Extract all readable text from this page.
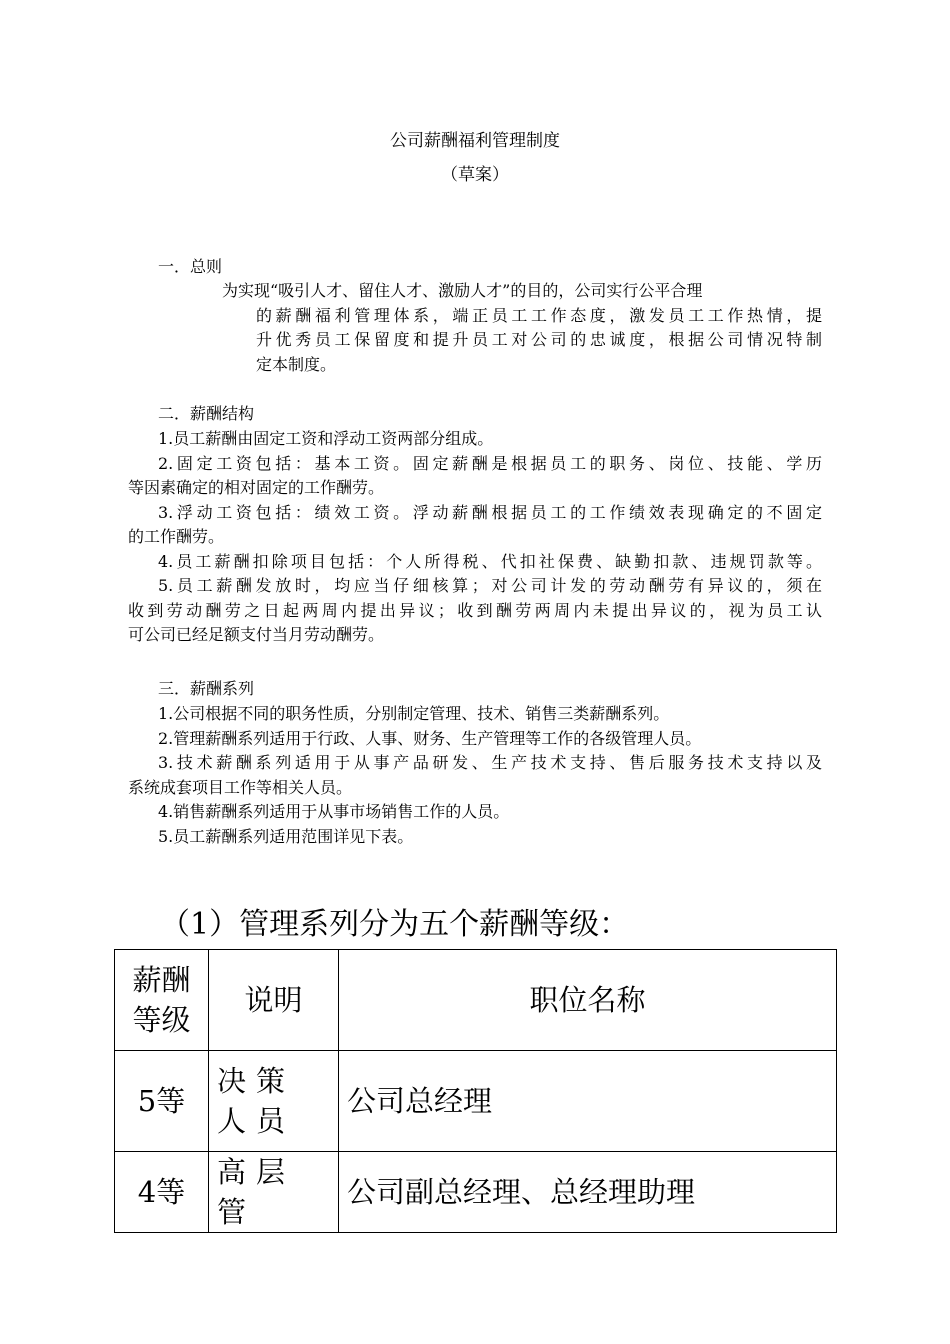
公司薪酬福利管理制度
（草案）
一．总则
为实现“吸引人才、留住人才、激励人才”的目的，公司实行公平合理
的薪酬福利管理体系，端正员工工作态度，激发员工工作热情，提
升优秀员工保留度和提升员工对公司的忠诚度，根据公司情况特制
定本制度。
二．薪酬结构
1.员工薪酬由固定工资和浮动工资两部分组成。
2.固定工资包括：基本工资。固定薪酬是根据员工的职务、岗位、技能、学历
等因素确定的相对固定的工作酬劳。
3.浮动工资包括：绩效工资。浮动薪酬根据员工的工作绩效表现确定的不固定
的工作酬劳。
4.员工薪酬扣除项目包括：个人所得税、代扣社保费、缺勤扣款、违规罚款等。
5.员工薪酬发放时，均应当仔细核算；对公司计发的劳动酬劳有异议的，须在
收到劳动酬劳之日起两周内提出异议；收到酬劳两周内未提出异议的，视为员工认
可公司已经足额支付当月劳动酬劳。
三．薪酬系列
1.公司根据不同的职务性质，分别制定管理、技术、销售三类薪酬系列。
2.管理薪酬系列适用于行政、人事、财务、生产管理等工作的各级管理人员。
3.技术薪酬系列适用于从事产品研发、生产技术支持、售后服务技术支持以及
系统成套项目工作等相关人员。
4.销售薪酬系列适用于从事市场销售工作的人员。
5.员工薪酬系列适用范围详见下表。
（1）管理系列分为五个薪酬等级：
薪酬等级	说明	职位名称
5等	决策人员	公司总经理
4等	高层管	公司副总经理、总经理助理
